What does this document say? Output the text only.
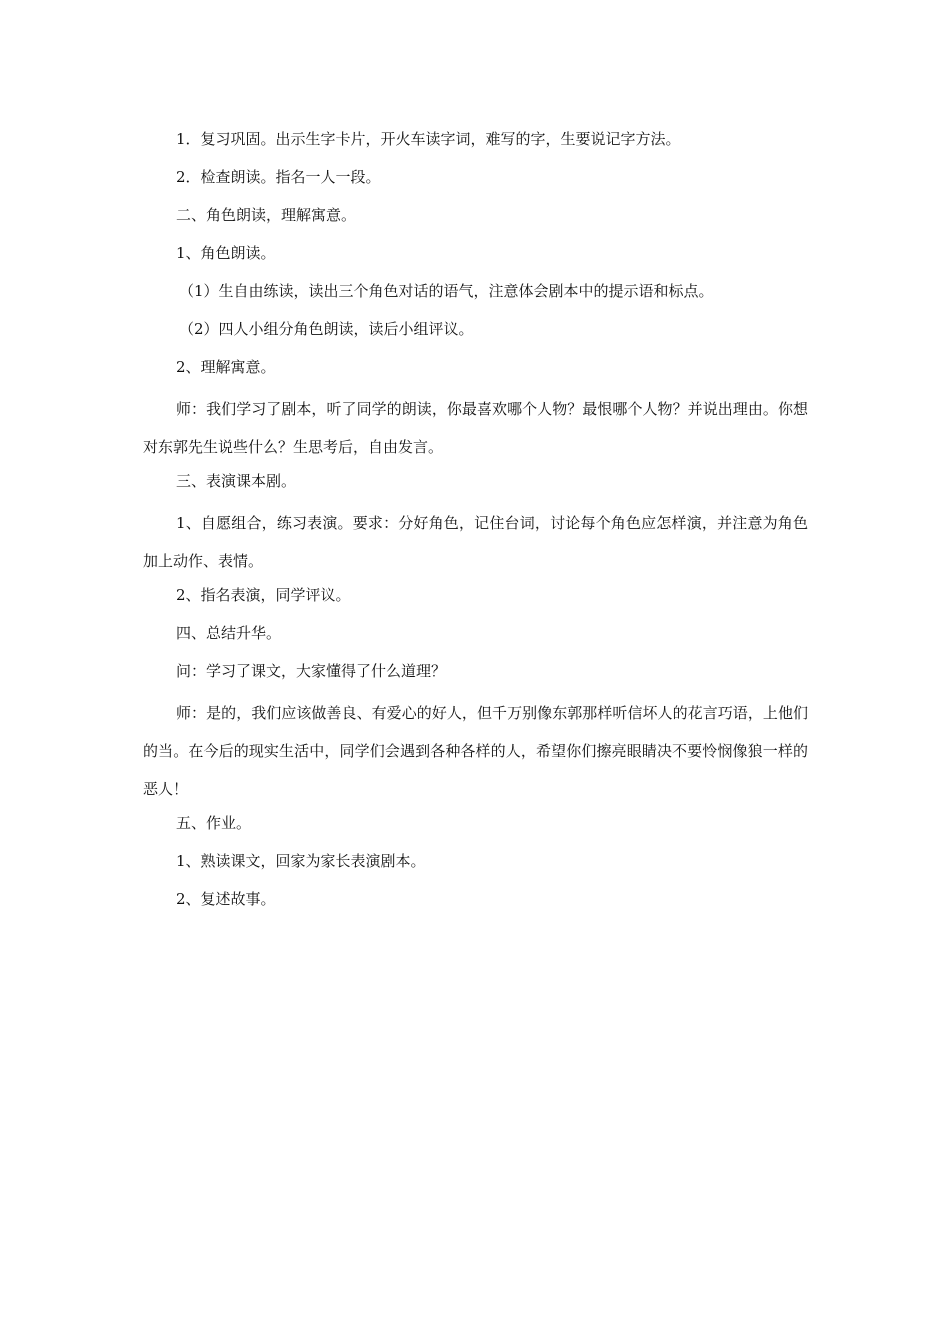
1．复习巩固。出示生字卡片，开火车读字词，难写的字，生要说记字方法。

2．检查朗读。指名一人一段。

二、角色朗读，理解寓意。

1、角色朗读。

（1）生自由练读，读出三个角色对话的语气，注意体会剧本中的提示语和标点。

（2）四人小组分角色朗读，读后小组评议。

2、理解寓意。

师：我们学习了剧本，听了同学的朗读，你最喜欢哪个人物？最恨哪个人物？并说出理由。你想对东郭先生说些什么？生思考后，自由发言。

三、表演课本剧。

1、自愿组合，练习表演。要求：分好角色，记住台词，讨论每个角色应怎样演，并注意为角色加上动作、表情。

2、指名表演，同学评议。

四、总结升华。

问：学习了课文，大家懂得了什么道理？

师：是的，我们应该做善良、有爱心的好人，但千万别像东郭那样听信坏人的花言巧语，上他们的当。在今后的现实生活中，同学们会遇到各种各样的人，希望你们擦亮眼睛决不要怜悯像狼一样的恶人！

五、作业。

1、熟读课文，回家为家长表演剧本。

2、复述故事。
